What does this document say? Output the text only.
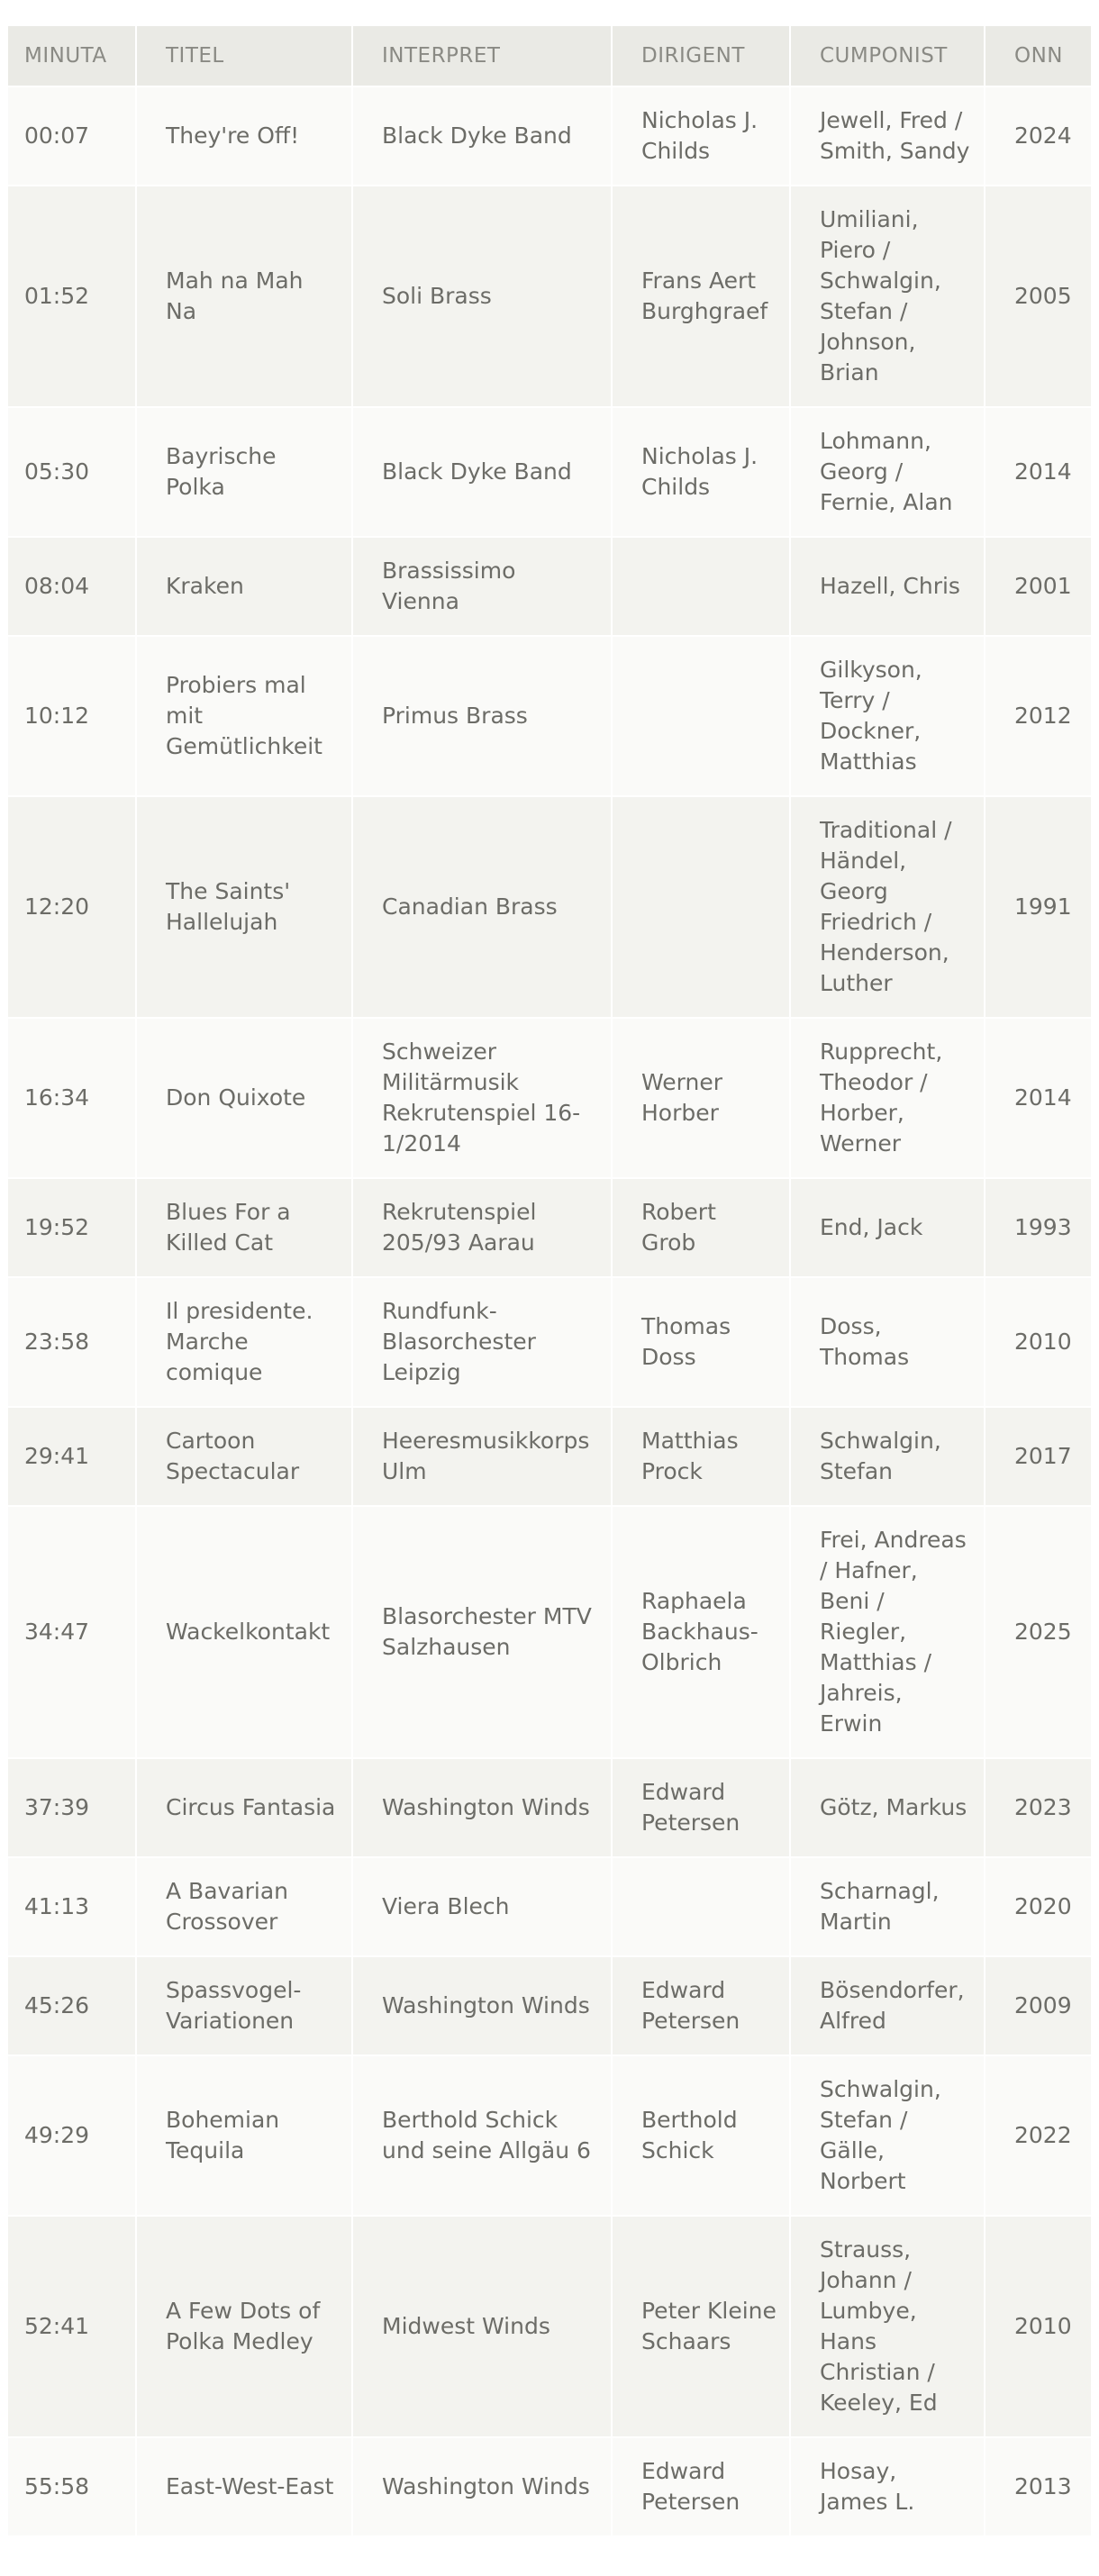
MINUTA	TITEL	INTERPRET	DIRIGENT	CUMPONIST	ONN
00:07	They're Off!	Black Dyke Band	Nicholas J. Childs	Jewell, Fred / Smith, Sandy	2024
01:52	Mah na Mah Na	Soli Brass	Frans Aert Burghgraef	Umiliani, Piero / Schwalgin, Stefan / Johnson, Brian	2005
05:30	Bayrische Polka	Black Dyke Band	Nicholas J. Childs	Lohmann, Georg / Fernie, Alan	2014
08:04	Kraken	Brassissimo Vienna		Hazell, Chris	2001
10:12	Probiers mal mit Gemütlichkeit	Primus Brass		Gilkyson, Terry / Dockner, Matthias	2012
12:20	The Saints' Hallelujah	Canadian Brass		Traditional / Händel, Georg Friedrich / Henderson, Luther	1991
16:34	Don Quixote	Schweizer Militärmusik Rekrutenspiel 16-1/2014	Werner Horber	Rupprecht, Theodor / Horber, Werner	2014
19:52	Blues For a Killed Cat	Rekrutenspiel 205/93 Aarau	Robert Grob	End, Jack	1993
23:58	Il presidente. Marche comique	Rundfunk-Blasorchester Leipzig	Thomas Doss	Doss, Thomas	2010
29:41	Cartoon Spectacular	Heeresmusikkorps Ulm	Matthias Prock	Schwalgin, Stefan	2017
34:47	Wackelkontakt	Blasorchester MTV Salzhausen	Raphaela Backhaus-Olbrich	Frei, Andreas / Hafner, Beni / Riegler, Matthias / Jahreis, Erwin	2025
37:39	Circus Fantasia	Washington Winds	Edward Petersen	Götz, Markus	2023
41:13	A Bavarian Crossover	Viera Blech		Scharnagl, Martin	2020
45:26	Spassvogel-Variationen	Washington Winds	Edward Petersen	Bösendorfer, Alfred	2009
49:29	Bohemian Tequila	Berthold Schick und seine Allgäu 6	Berthold Schick	Schwalgin, Stefan / Gälle, Norbert	2022
52:41	A Few Dots of Polka Medley	Midwest Winds	Peter Kleine Schaars	Strauss, Johann / Lumbye, Hans Christian / Keeley, Ed	2010
55:58	East-West-East	Washington Winds	Edward Petersen	Hosay, James L.	2013
